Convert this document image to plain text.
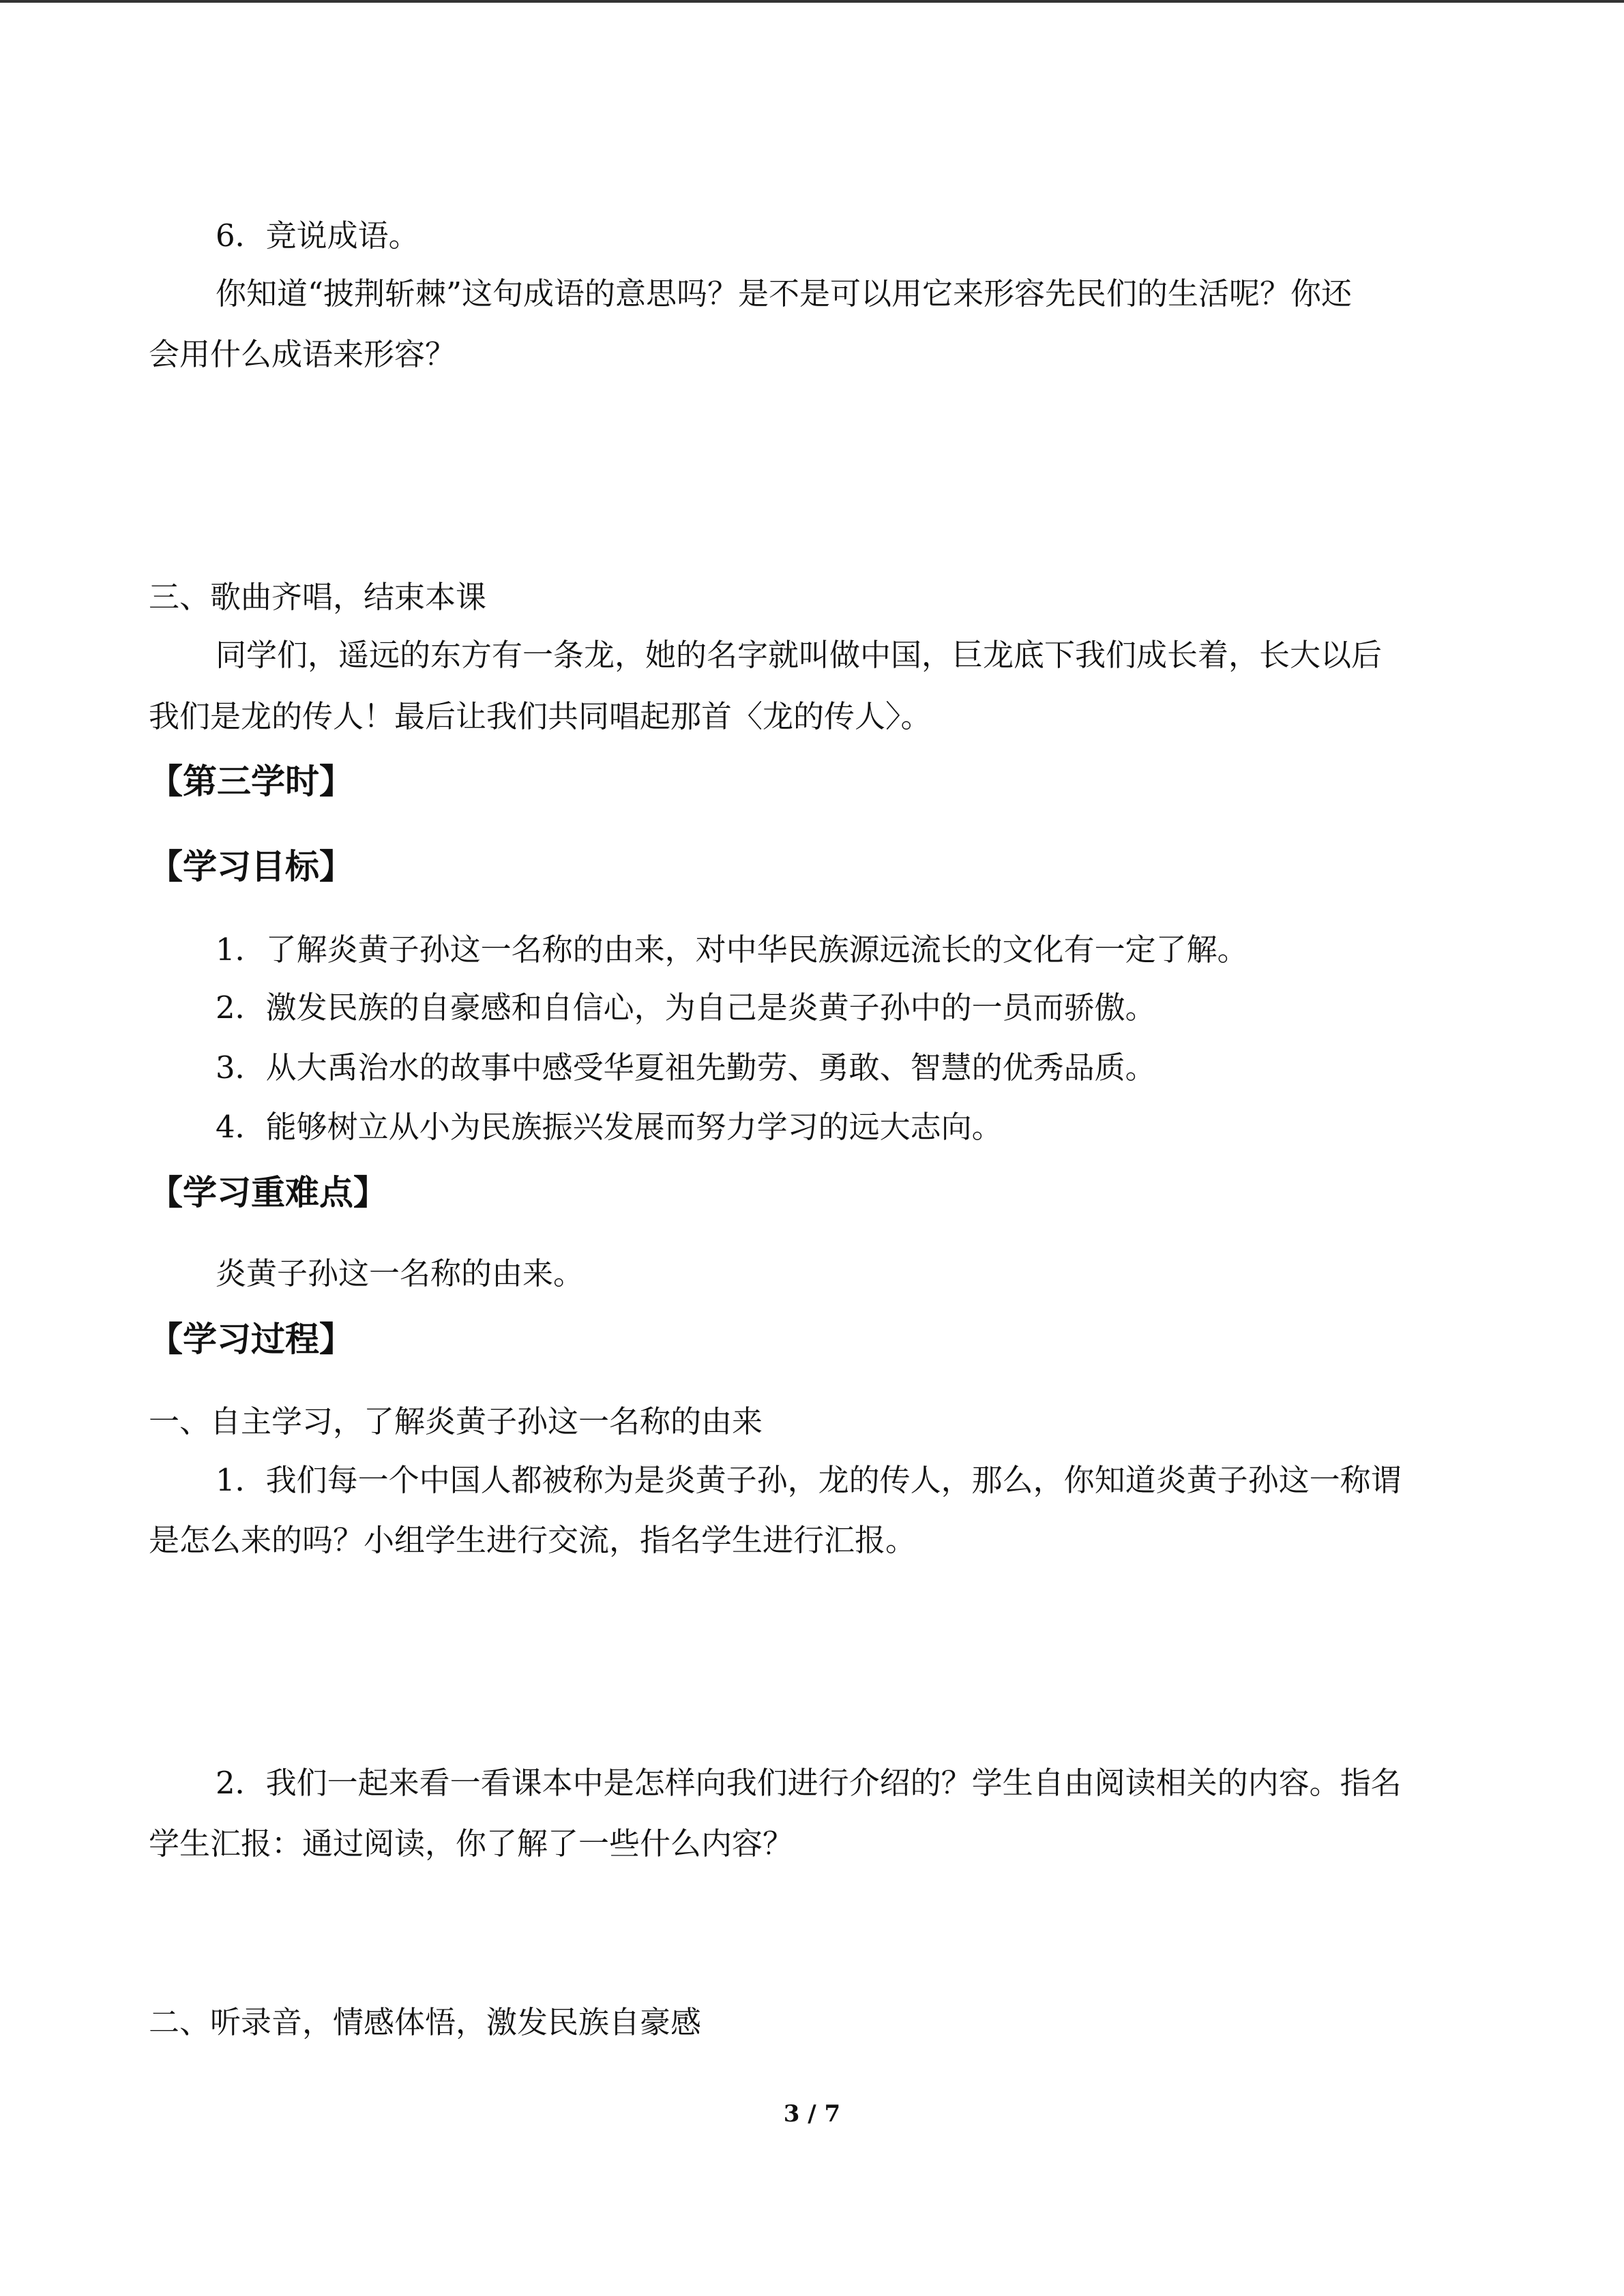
6．竞说成语。
你知道“披荆斩棘”这句成语的意思吗？是不是可以用它来形容先民们的生活呢？你还
会用什么成语来形容？
三、歌曲齐唱，结束本课
同学们，遥远的东方有一条龙，她的名字就叫做中国，巨龙底下我们成长着，长大以后
我们是龙的传人！最后让我们共同唱起那首〈龙的传人〉。
【第三学时】
【学习目标】
1．了解炎黄子孙这一名称的由来，对中华民族源远流长的文化有一定了解。
2．激发民族的自豪感和自信心，为自己是炎黄子孙中的一员而骄傲。
3．从大禹治水的故事中感受华夏祖先勤劳、勇敢、智慧的优秀品质。
4．能够树立从小为民族振兴发展而努力学习的远大志向。
【学习重难点】
炎黄子孙这一名称的由来。
【学习过程】
一、自主学习，了解炎黄子孙这一名称的由来
1．我们每一个中国人都被称为是炎黄子孙，龙的传人，那么，你知道炎黄子孙这一称谓
是怎么来的吗？小组学生进行交流，指名学生进行汇报。
2．我们一起来看一看课本中是怎样向我们进行介绍的？学生自由阅读相关的内容。指名
学生汇报：通过阅读，你了解了一些什么内容？
二、听录音，情感体悟，激发民族自豪感
3 / 7
